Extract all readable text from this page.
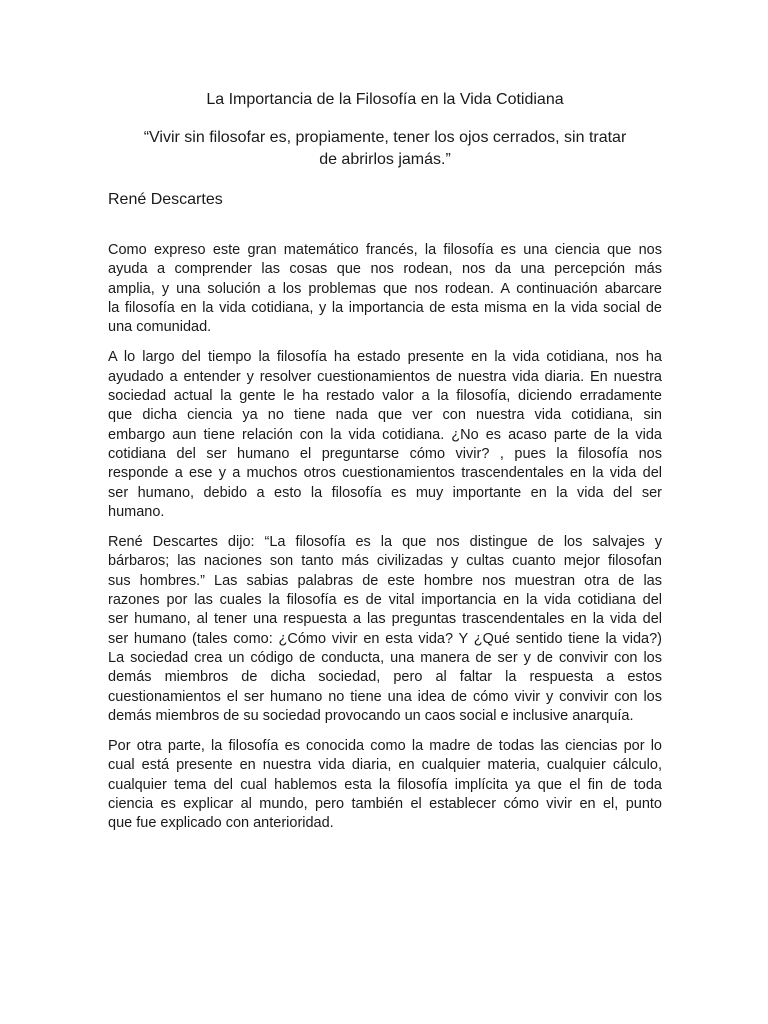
La Importancia de la Filosofía en la Vida Cotidiana
“Vivir sin filosofar es, propiamente, tener los ojos cerrados, sin tratar
de abrirlos jamás.”
René Descartes

Como expreso este gran matemático francés, la filosofía es una ciencia que nos
ayuda a comprender las cosas que nos rodean, nos da una percepción más
amplia, y una solución a los problemas que nos rodean. A continuación abarcare
la filosofía en la vida cotidiana, y la importancia de esta misma en la vida social de
una comunidad.

A lo largo del tiempo la filosofía ha estado presente en la vida cotidiana, nos ha
ayudado a entender y resolver cuestionamientos de nuestra vida diaria. En nuestra
sociedad actual la gente le ha restado valor a la filosofía, diciendo erradamente
que dicha ciencia ya no tiene nada que ver con nuestra vida cotidiana, sin
embargo aun tiene relación con la vida cotidiana. ¿No es acaso parte de la vida
cotidiana del ser humano el preguntarse cómo vivir? , pues la filosofía nos
responde a ese y a muchos otros cuestionamientos trascendentales en la vida del
ser humano, debido a esto la filosofía es muy importante en la vida del ser
humano.

René Descartes dijo: “La filosofía es la que nos distingue de los salvajes y
bárbaros; las naciones son tanto más civilizadas y cultas cuanto mejor filosofan
sus hombres.” Las sabias palabras de este hombre nos muestran otra de las
razones por las cuales la filosofía es de vital importancia en la vida cotidiana del
ser humano, al tener una respuesta a las preguntas trascendentales en la vida del
ser humano (tales como: ¿Cómo vivir en esta vida? Y ¿Qué sentido tiene la vida?)
La sociedad crea un código de conducta, una manera de ser y de convivir con los
demás miembros de dicha sociedad, pero al faltar la respuesta a estos
cuestionamientos el ser humano no tiene una idea de cómo vivir y convivir con los
demás miembros de su sociedad provocando un caos social e inclusive anarquía.

Por otra parte, la filosofía es conocida como la madre de todas las ciencias por lo
cual está presente en nuestra vida diaria, en cualquier materia, cualquier cálculo,
cualquier tema del cual hablemos esta la filosofía implícita ya que el fin de toda
ciencia es explicar al mundo, pero también el establecer cómo vivir en el, punto
que fue explicado con anterioridad.
